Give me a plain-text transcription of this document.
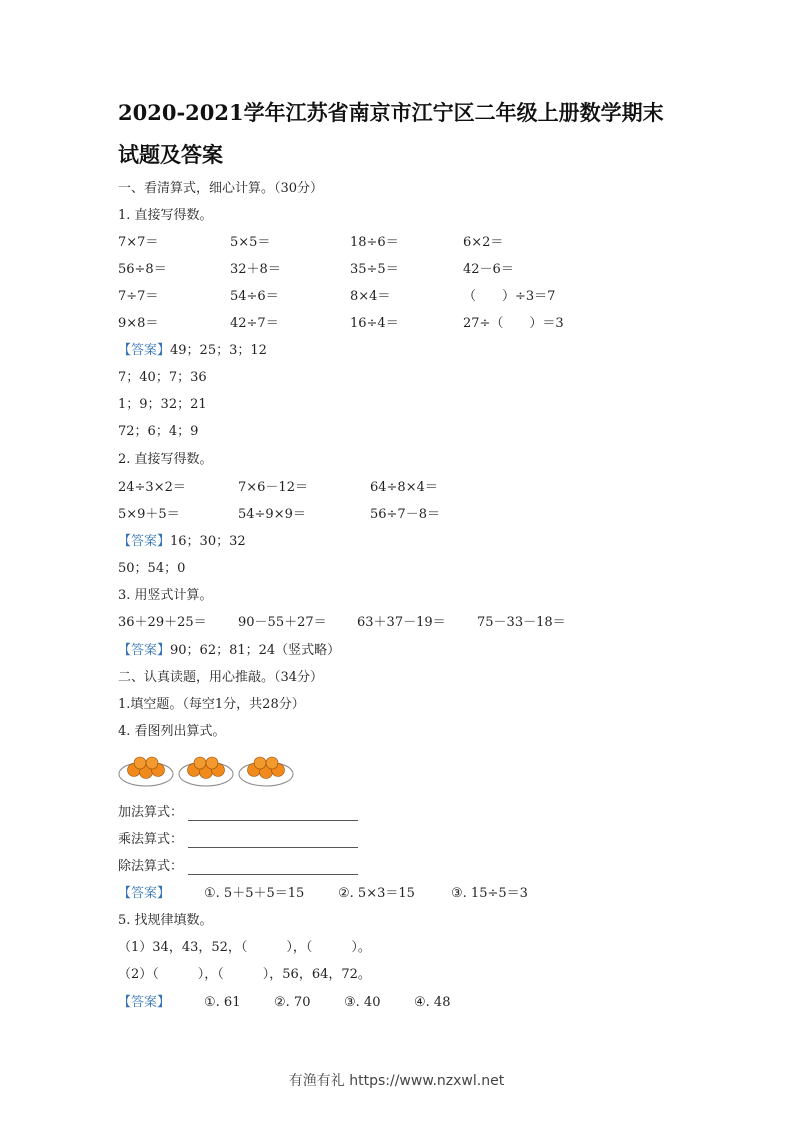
2020-2021学年江苏省南京市江宁区二年级上册数学期末试题及答案
一、看清算式，细心计算。（30分）
1. 直接写得数。
7×7＝	5×5＝	18÷6＝	6×2＝
56÷8＝	32＋8＝	35÷5＝	42－6＝
7÷7＝	54÷6＝	8×4＝	（　　）÷3＝7
9×8＝	42÷7＝	16÷4＝	27÷（　　）＝3
【答案】49；25；3；12
7；40；7；36
1；9；32；21
72；6；4；9
2. 直接写得数。
24÷3×2＝	7×6－12＝	64÷8×4＝
5×9＋5＝	54÷9×9＝	56÷7－8＝
【答案】16；30；32
50；54；0
3. 用竖式计算。
36＋29＋25＝ 90－55＋27＝ 63＋37－19＝ 75－33－18＝
【答案】90；62；81；24（竖式略）
二、认真读题，用心推敲。（34分）
1.填空题。（每空1分，共28分）
4. 看图列出算式。
加法算式：
乘法算式：
除法算式：
【答案】	①. 5＋5＋5＝15	②. 5×3＝15	③. 15÷5＝3
5. 找规律填数。
（1）34，43，52，（　　　），（　　　）。
（2）（　　　），（　　　），56，64，72。
【答案】	①. 61	②. 70	③. 40	④. 48
有渔有礼 https://www.nzxwl.net
